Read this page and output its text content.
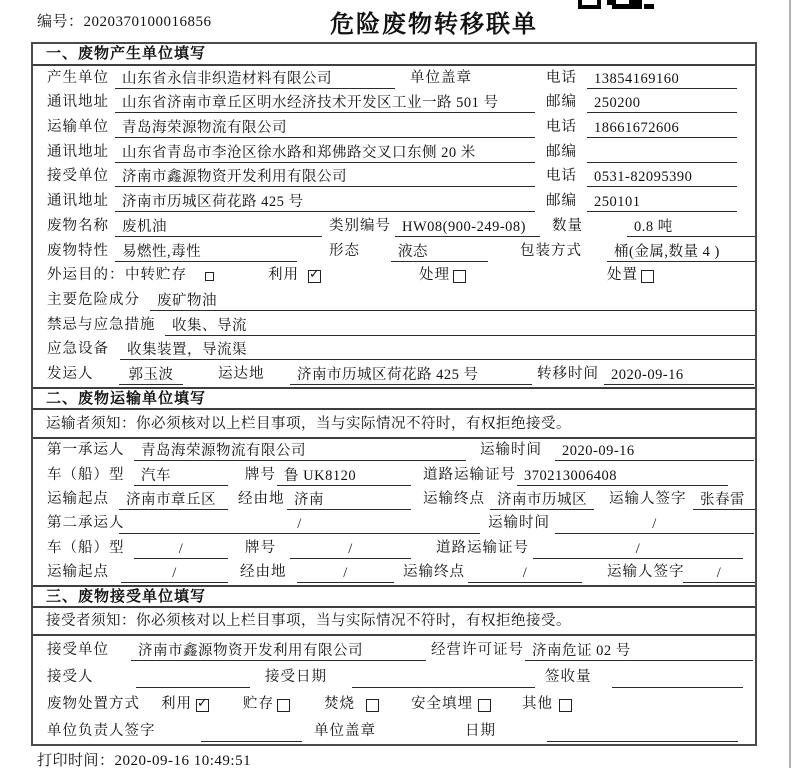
编号：2020370100016856	危险废物转移联单
一、废物产生单位填写
产生单位 山东省永信非织造材料有限公司	单位盖章	电话	13854169160
通讯地址 山东省济南市章丘区明水经济技术开发区工业一路 501 号	邮编	250200
运输单位 青岛海荣源物流有限公司	电话	18661672606
通讯地址 山东省青岛市李沧区徐水路和郑佛路交叉口东侧 20 米	邮编
接受单位 济南市鑫源物资开发利用有限公司	电话	0531-82095390
通讯地址 济南市历城区荷花路 425 号	邮编	250101
废物名称 废机油	类别编号 HW08(900-249-08)	数量	0.8 吨
废物特性 易燃性,毒性	形态	液态	包装方式	桶(金属,数量 4 )
外运目的： 中转贮存	利用 ✓	处理	处置
主要危险成分	废矿物油
禁忌与应急措施	收集、导流
应急设备	收集装置，导流渠
发运人	郭玉波	运达地	济南市历城区荷花路 425 号	转移时间 2020-09-16
二、废物运输单位填写
运输者须知：你必须核对以上栏目事项，当与实际情况不符时，有权拒绝接受。
第一承运人	青岛海荣源物流有限公司	运输时间	2020-09-16
车（船）型	汽车	牌号 鲁 UK8120	道路运输证号 370213006408
运输起点	济南市章丘区	经由地 济南	运输终点 济南市历城区	运输人签字 张春雷
第二承运人	/	运输时间	/
车（船）型	/	牌号	/	道路运输证号	/
运输起点	/	经由地	/	运输终点	/	运输人签字	/
三、废物接受单位填写
接受者须知：你必须核对以上栏目事项，当与实际情况不符时，有权拒绝接受。
接受单位	济南市鑫源物资开发利用有限公司	经营许可证号 济南危证 02 号
接受人	接受日期	签收量
废物处置方式 利用 ✓ 贮存	焚烧	安全填埋	其他
单位负责人签字	单位盖章	日期
打印时间：2020-09-16 10:49:51
